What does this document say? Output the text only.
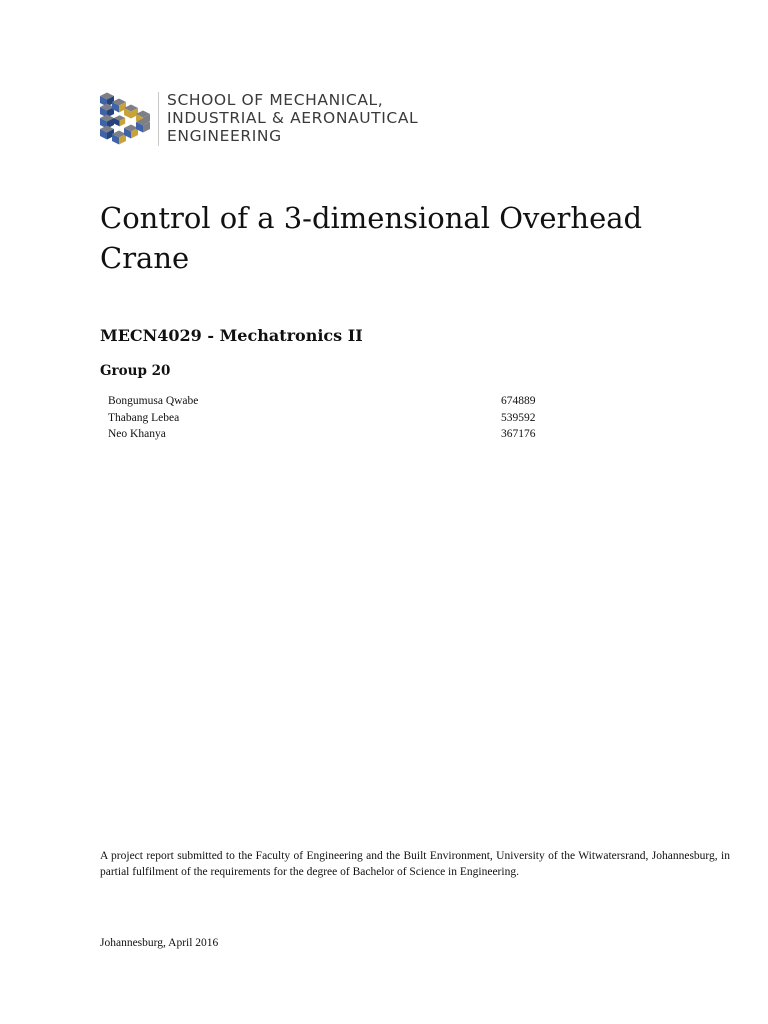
SCHOOL OF MECHANICAL,
INDUSTRIAL & AERONAUTICAL
ENGINEERING
Control of a 3-dimensional Overhead Crane
MECN4029 - Mechatronics II
Group 20
Bongumusa Qwabe	674889
Thabang Lebea	539592
Neo Khanya	367176

A project report submitted to the Faculty of Engineering and the Built Environment, University of the Witwatersrand, Johannesburg, in partial fulfilment of the requirements for the degree of Bachelor of Science in Engineering.

Johannesburg, April 2016
